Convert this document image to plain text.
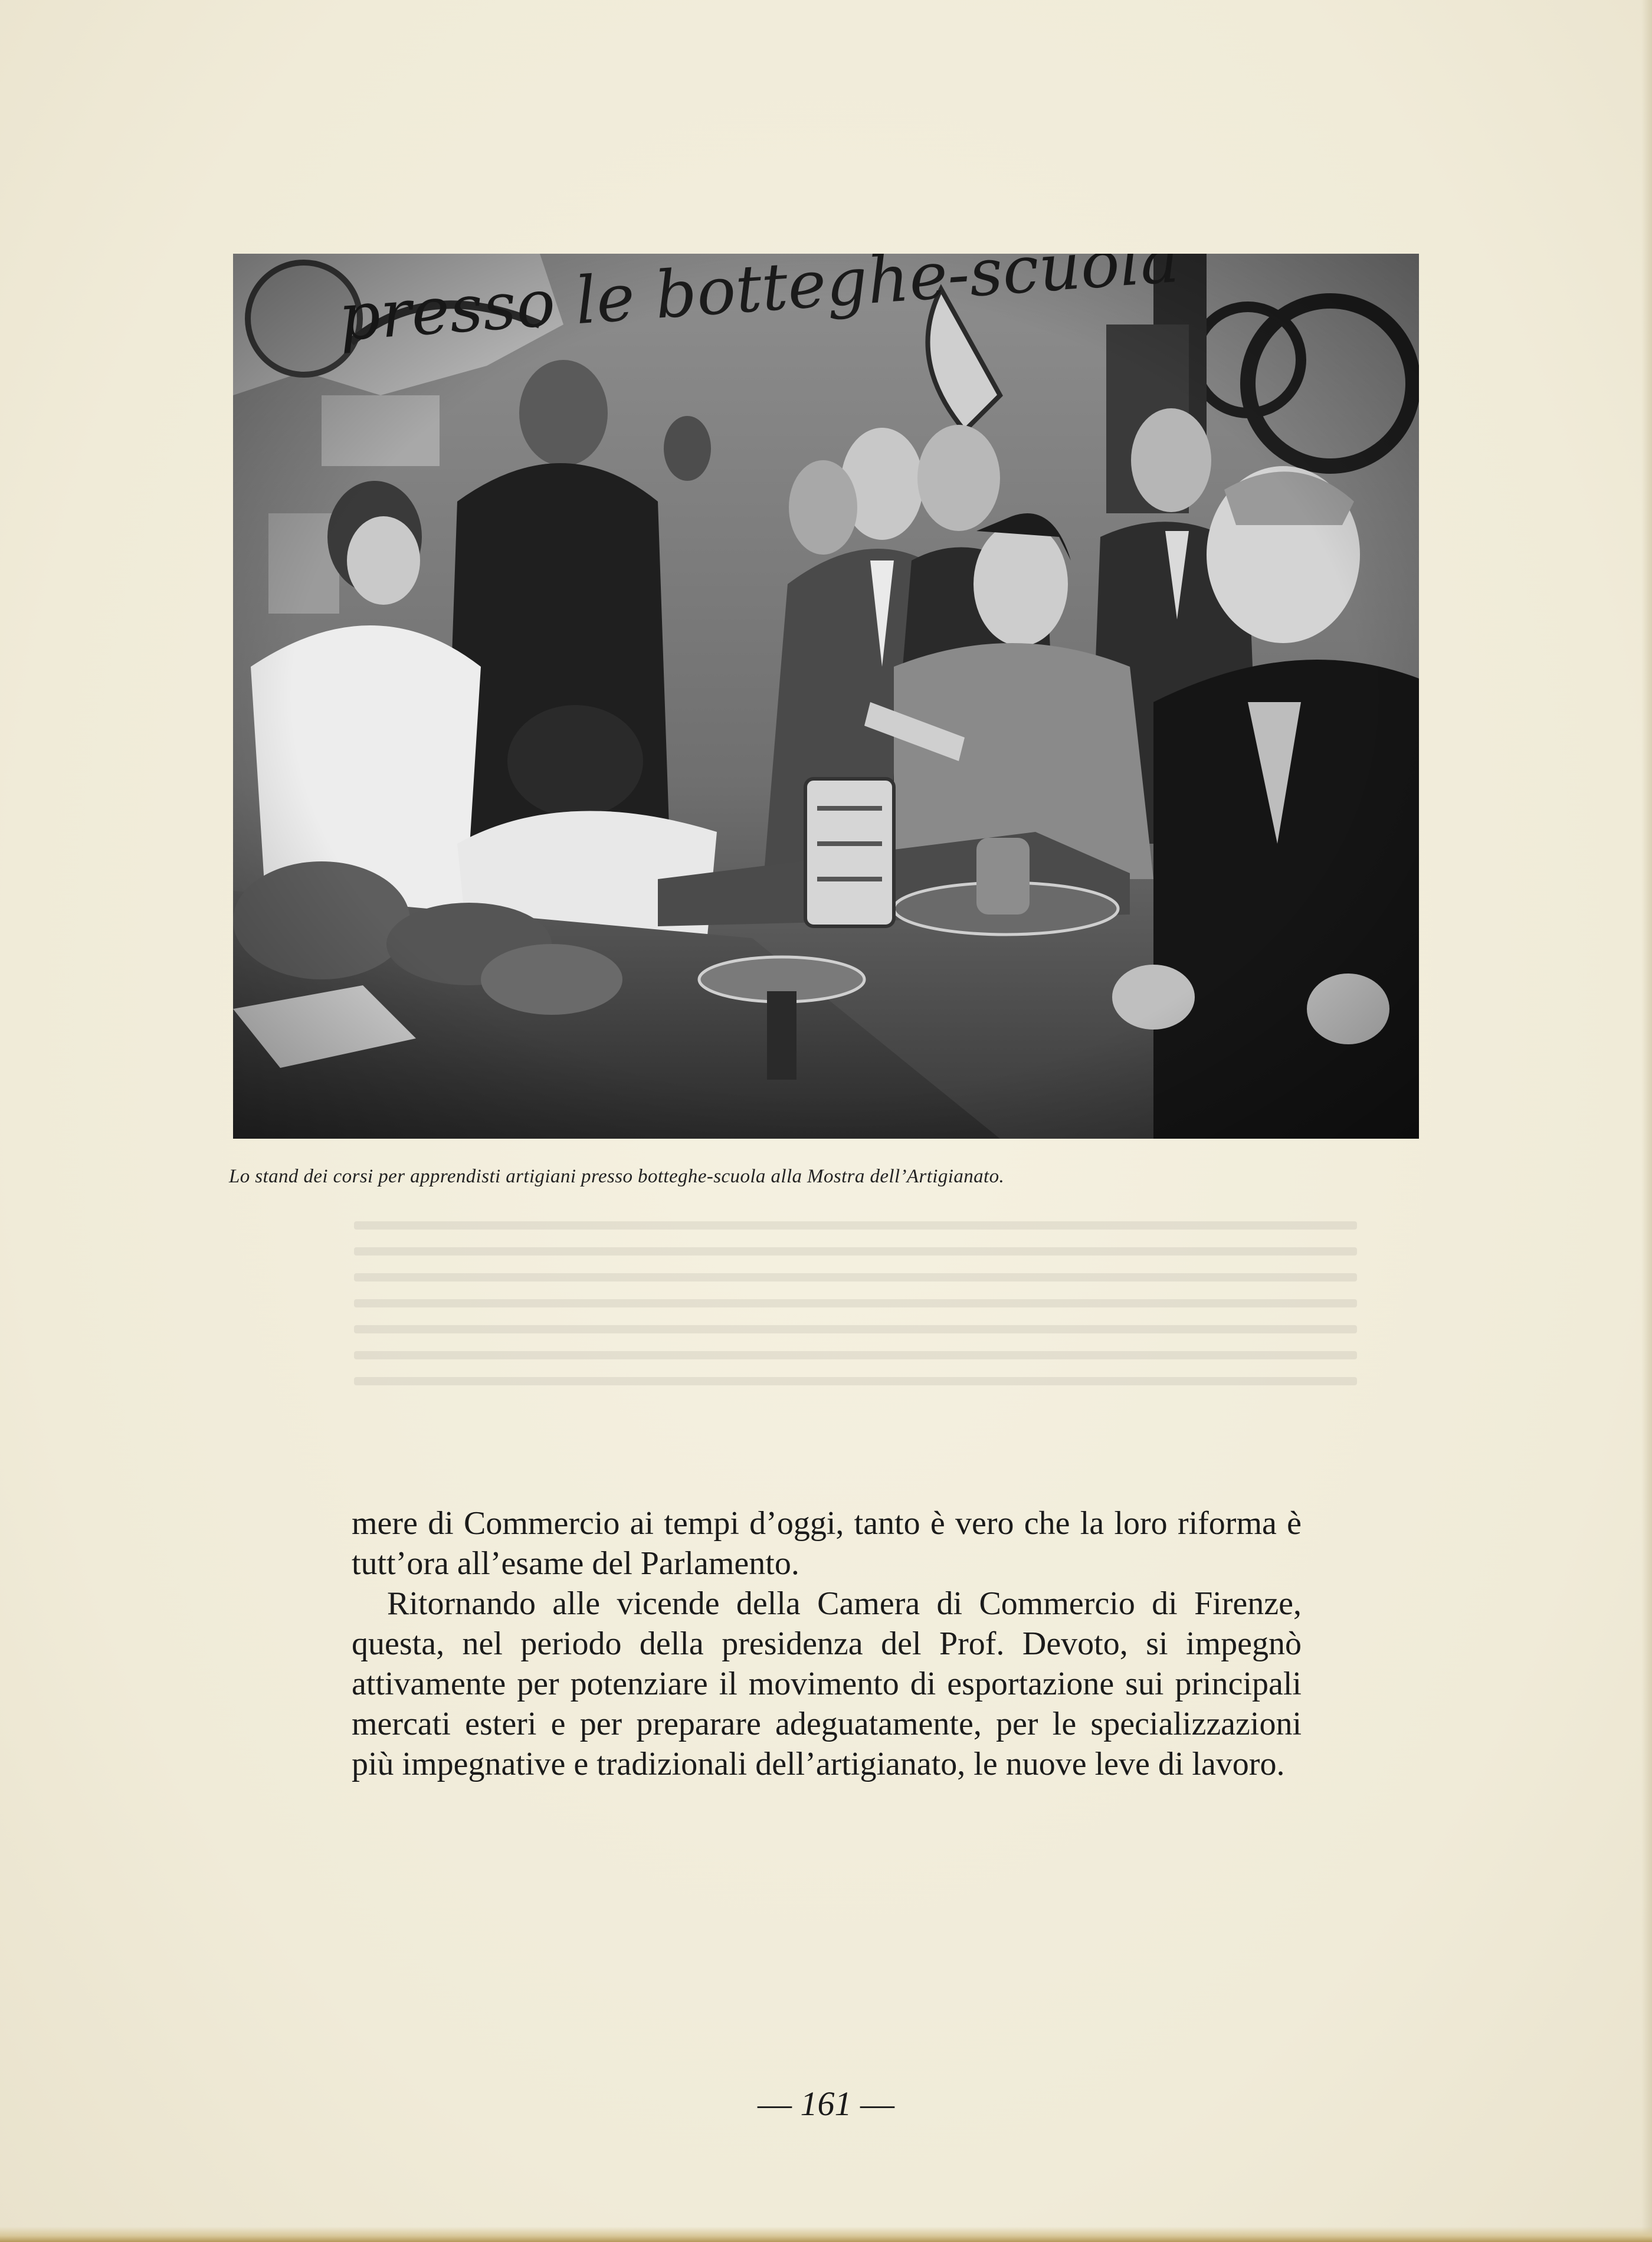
Lo stand dei corsi per apprendisti artigiani presso botteghe-scuola alla Mostra dell’Artigianato.

mere di Commercio ai tempi d’oggi, tanto è vero che la loro riforma è tutt’ora all’esame del Parlamento.

Ritornando alle vicende della Camera di Commercio di Firenze, questa, nel periodo della presidenza del Prof. Devoto, si impegnò attivamente per potenziare il movimento di esportazione sui principali mercati esteri e per preparare adeguatamente, per le specializzazioni più impegnative e tradizionali dell’artigianato, le nuove leve di lavoro.

— 161 —
